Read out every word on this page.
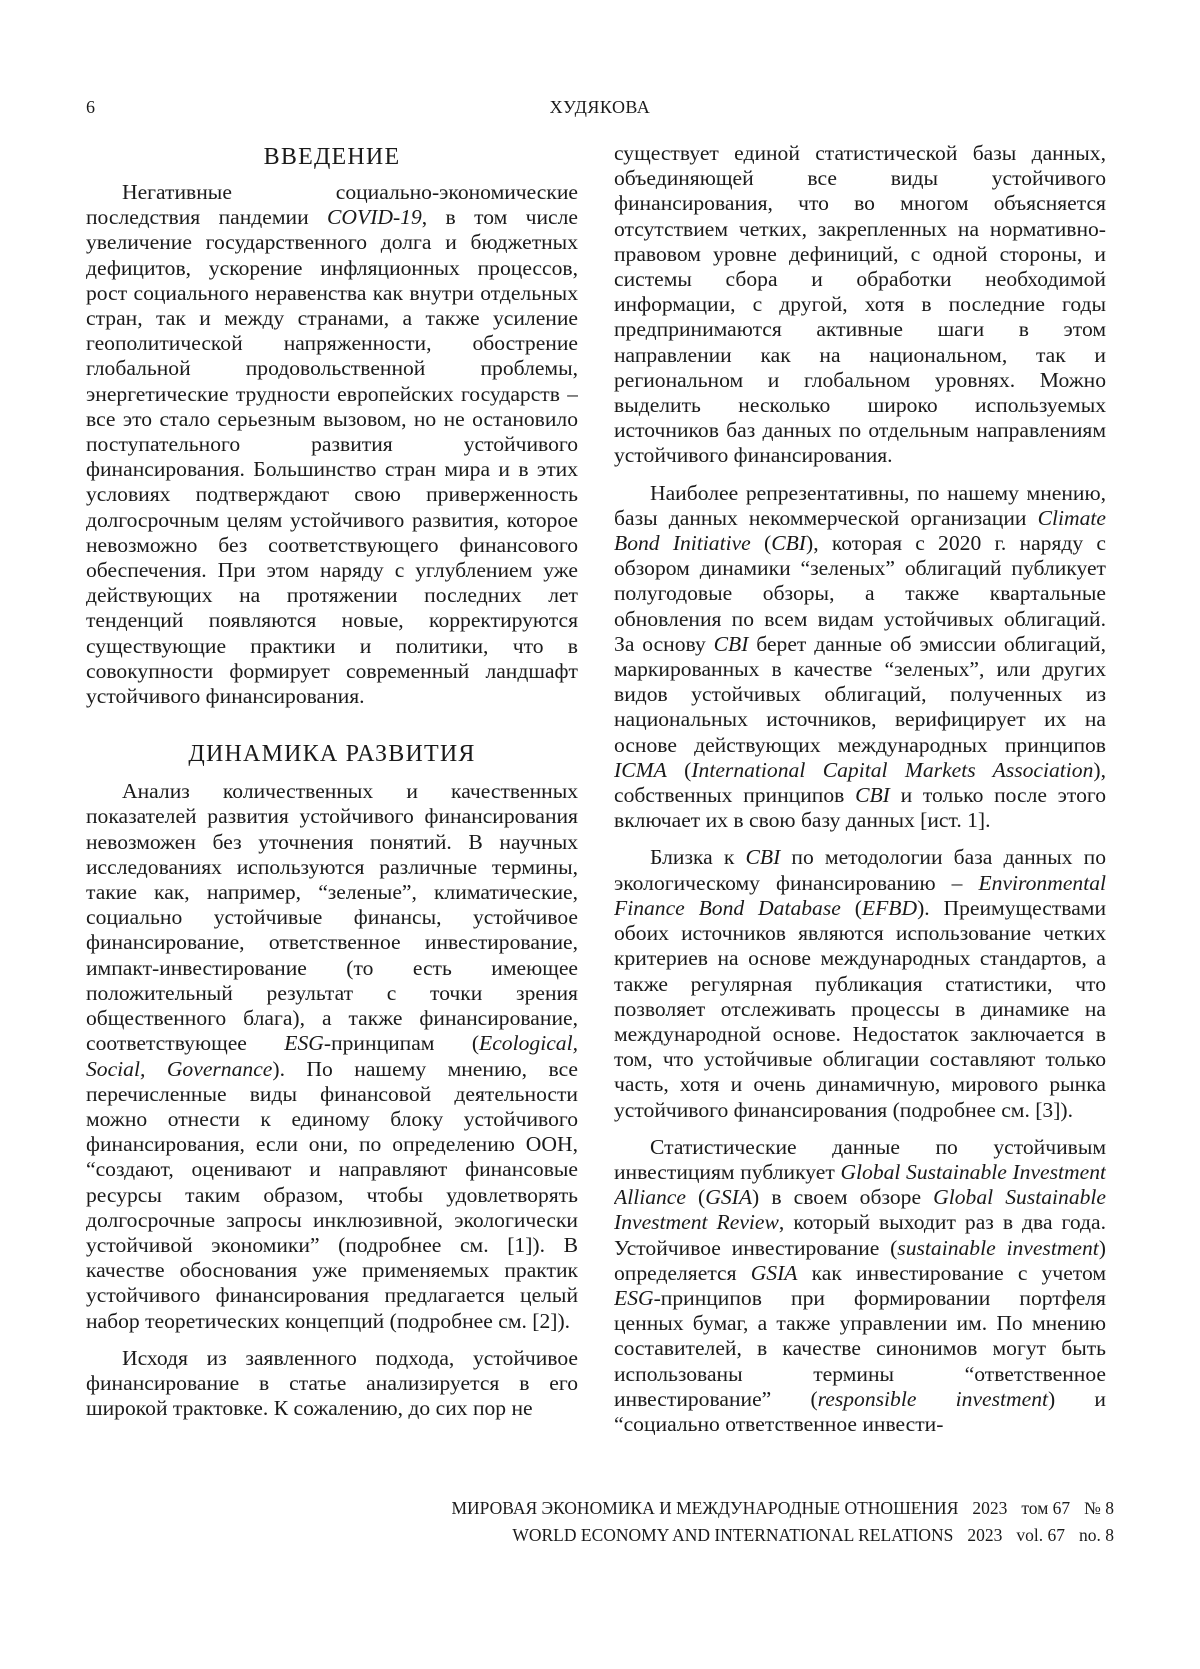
6	ХУДЯКОВА
ВВЕДЕНИЕ

Негативные социально-экономические последствия пандемии COVID-19, в том числе увеличение государственного долга и бюджетных дефицитов, ускорение инфляционных процессов, рост социального неравенства как внутри отдельных стран, так и между странами, а также усиление геополитической напряженности, обострение глобальной продовольственной проблемы, энергетические трудности европейских государств – все это стало серьезным вызовом, но не остановило поступательного развития устойчивого финансирования. Большинство стран мира и в этих условиях подтверждают свою приверженность долгосрочным целям устойчивого развития, которое невозможно без соответствующего финансового обеспечения. При этом наряду с углублением уже действующих на протяжении последних лет тенденций появляются новые, корректируются существующие практики и политики, что в совокупности формирует современный ландшафт устойчивого финансирования.

ДИНАМИКА РАЗВИТИЯ

Анализ количественных и качественных показателей развития устойчивого финансирования невозможен без уточнения понятий. В научных исследованиях используются различные термины, такие как, например, “зеленые”, климатические, социально устойчивые финансы, устойчивое финансирование, ответственное инвестирование, импакт-инвестирование (то есть имеющее положительный результат с точки зрения общественного блага), а также финансирование, соответствующее ESG-принципам (Ecological, Social, Governance). По нашему мнению, все перечисленные виды финансовой деятельности можно отнести к единому блоку устойчивого финансирования, если они, по определению ООН, “создают, оценивают и направляют финансовые ресурсы таким образом, чтобы удовлетворять долгосрочные запросы инклюзивной, экологически устойчивой экономики” (подробнее см. [1]). В качестве обоснования уже применяемых практик устойчивого финансирования предлагается целый набор теоретических концепций (подробнее см. [2]).

Исходя из заявленного подхода, устойчивое финансирование в статье анализируется в его широкой трактовке. К сожалению, до сих пор не

существует единой статистической базы данных, объединяющей все виды устойчивого финансирования, что во многом объясняется отсутствием четких, закрепленных на нормативно-правовом уровне дефиниций, с одной стороны, и системы сбора и обработки необходимой информации, с другой, хотя в последние годы предпринимаются активные шаги в этом направлении как на национальном, так и региональном и глобальном уровнях. Можно выделить несколько широко используемых источников баз данных по отдельным направлениям устойчивого финансирования.

Наиболее репрезентативны, по нашему мнению, базы данных некоммерческой организации Climate Bond Initiative (CBI), которая с 2020 г. наряду с обзором динамики “зеленых” облигаций публикует полугодовые обзоры, а также квартальные обновления по всем видам устойчивых облигаций. За основу CBI берет данные об эмиссии облигаций, маркированных в качестве “зеленых”, или других видов устойчивых облигаций, полученных из национальных источников, верифицирует их на основе действующих международных принципов ICMA (International Capital Markets Association), собственных принципов CBI и только после этого включает их в свою базу данных [ист. 1].

Близка к CBI по методологии база данных по экологическому финансированию – Environmental Finance Bond Database (EFBD). Преимуществами обоих источников являются использование четких критериев на основе международных стандартов, а также регулярная публикация статистики, что позволяет отслеживать процессы в динамике на международной основе. Недостаток заключается в том, что устойчивые облигации составляют только часть, хотя и очень динамичную, мирового рынка устойчивого финансирования (подробнее см. [3]).

Статистические данные по устойчивым инвестициям публикует Global Sustainable Investment Alliance (GSIA) в своем обзоре Global Sustainable Investment Review, который выходит раз в два года. Устойчивое инвестирование (sustainable investment) определяется GSIA как инвестирование с учетом ESG-принципов при формировании портфеля ценных бумаг, а также управлении им. По мнению составителей, в качестве синонимов могут быть использованы термины “ответственное инвестирование” (responsible investment) и “социально ответственное инвести-

МИРОВАЯ ЭКОНОМИКА И МЕЖДУНАРОДНЫЕ ОТНОШЕНИЯ 2023 том 67 № 8
WORLD ECONOMY AND INTERNATIONAL RELATIONS 2023 vol. 67 no. 8
